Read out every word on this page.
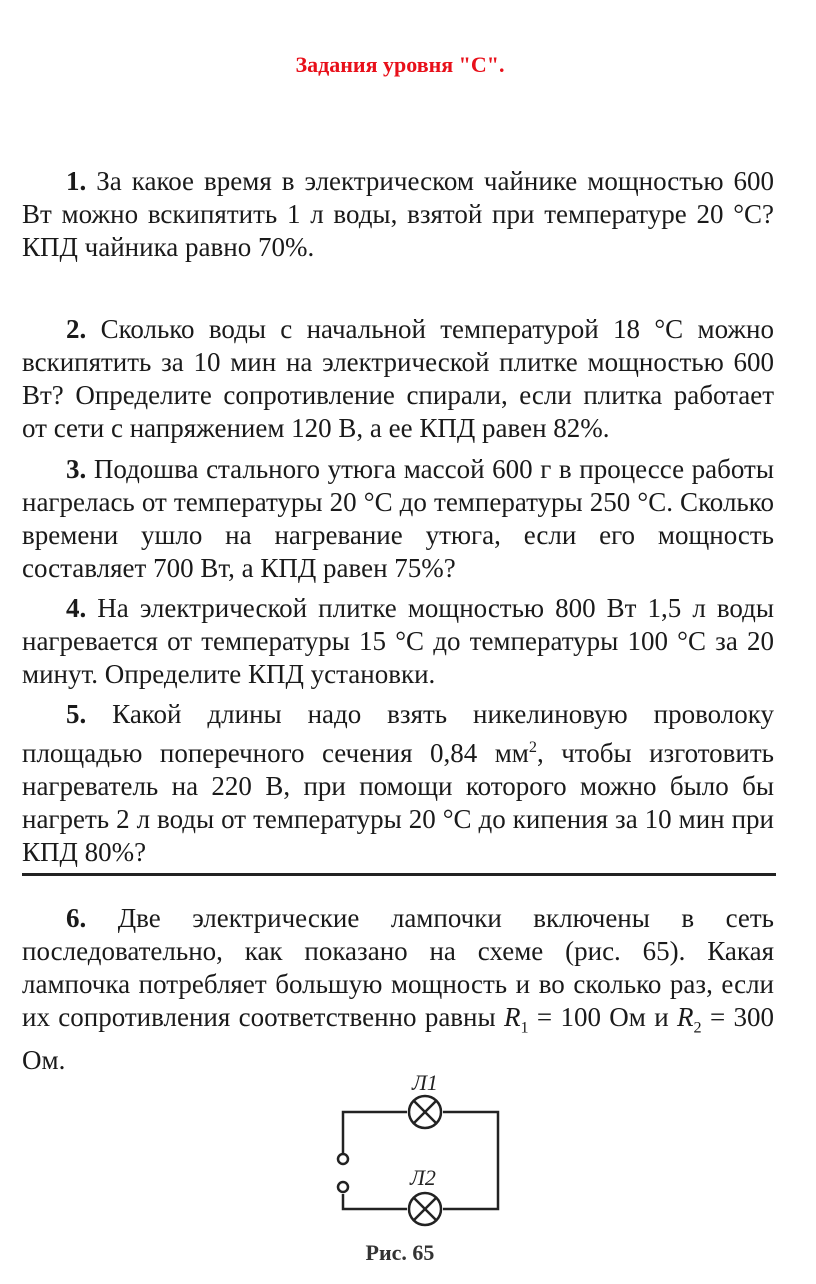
Задания уровня "С".
1. За какое время в электрическом чайнике мощностью 600 Вт можно вскипятить 1 л воды, взятой при температуре 20 °С? КПД чайника равно 70%.
2. Сколько воды с начальной температурой 18 °С можно вскипятить за 10 мин на электрической плитке мощностью 600 Вт? Определите сопротивление спирали, если плитка работает от сети с напряжением 120 В, а ее КПД равен 82%.
3. Подошва стального утюга массой 600 г в процессе работы нагрелась от температуры 20 °С до температуры 250 °С. Сколько времени ушло на нагревание утюга, если его мощность составляет 700 Вт, а КПД равен 75%?
4. На электрической плитке мощностью 800 Вт 1,5 л воды нагревается от температуры 15 °С до температуры 100 °С за 20 минут. Определите КПД установки.
5. Какой длины надо взять никелиновую проволоку площадью поперечного сечения 0,84 $мм^2$, чтобы изготовить нагреватель на 220 В, при помощи которого можно было бы нагреть 2 л воды от температуры 20 °С до кипения за 10 мин при КПД 80%?
6. Две электрические лампочки включены в сеть последовательно, как показано на схеме (рис. 65). Какая лампочка потребляет большую мощность и во сколько раз, если их сопротивления соответственно равны $R_1 = 100$ Ом и $R_2 = 300$ Ом.
Л1
Л2
Рис. 65
